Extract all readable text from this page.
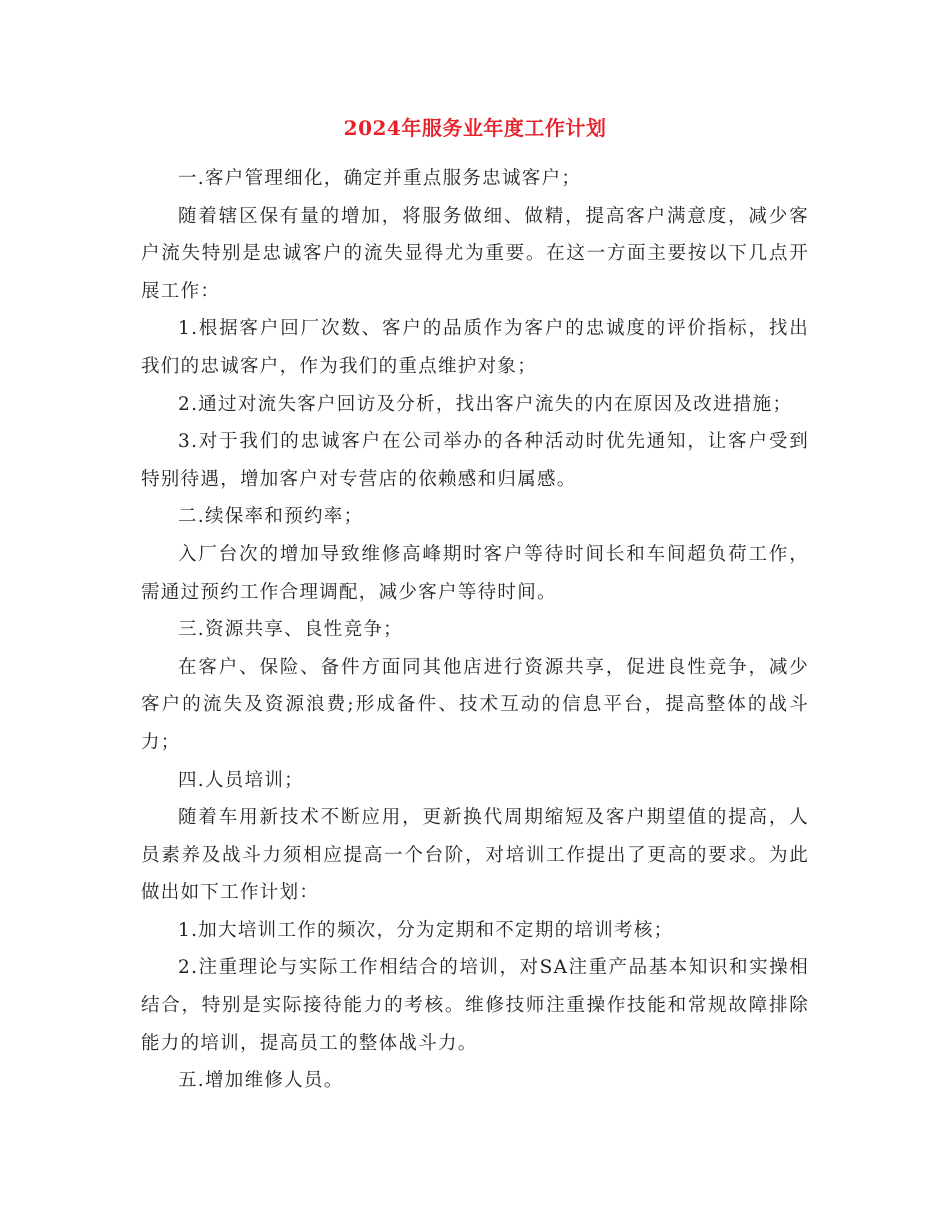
2024年服务业年度工作计划

一.客户管理细化，确定并重点服务忠诚客户；

随着辖区保有量的增加，将服务做细、做精，提高客户满意度，减少客户流失特别是忠诚客户的流失显得尤为重要。在这一方面主要按以下几点开展工作：

1.根据客户回厂次数、客户的品质作为客户的忠诚度的评价指标，找出我们的忠诚客户，作为我们的重点维护对象；

2.通过对流失客户回访及分析，找出客户流失的内在原因及改进措施；

3.对于我们的忠诚客户在公司举办的各种活动时优先通知，让客户受到特别待遇，增加客户对专营店的依赖感和归属感。

二.续保率和预约率；

入厂台次的增加导致维修高峰期时客户等待时间长和车间超负荷工作，需通过预约工作合理调配，减少客户等待时间。

三.资源共享、良性竞争；

在客户、保险、备件方面同其他店进行资源共享，促进良性竞争，减少客户的流失及资源浪费;形成备件、技术互动的信息平台，提高整体的战斗力；

四.人员培训；

随着车用新技术不断应用，更新换代周期缩短及客户期望值的提高，人员素养及战斗力须相应提高一个台阶，对培训工作提出了更高的要求。为此做出如下工作计划：

1.加大培训工作的频次，分为定期和不定期的培训考核；

2.注重理论与实际工作相结合的培训，对SA注重产品基本知识和实操相结合，特别是实际接待能力的考核。维修技师注重操作技能和常规故障排除能力的培训，提高员工的整体战斗力。

五.增加维修人员。
